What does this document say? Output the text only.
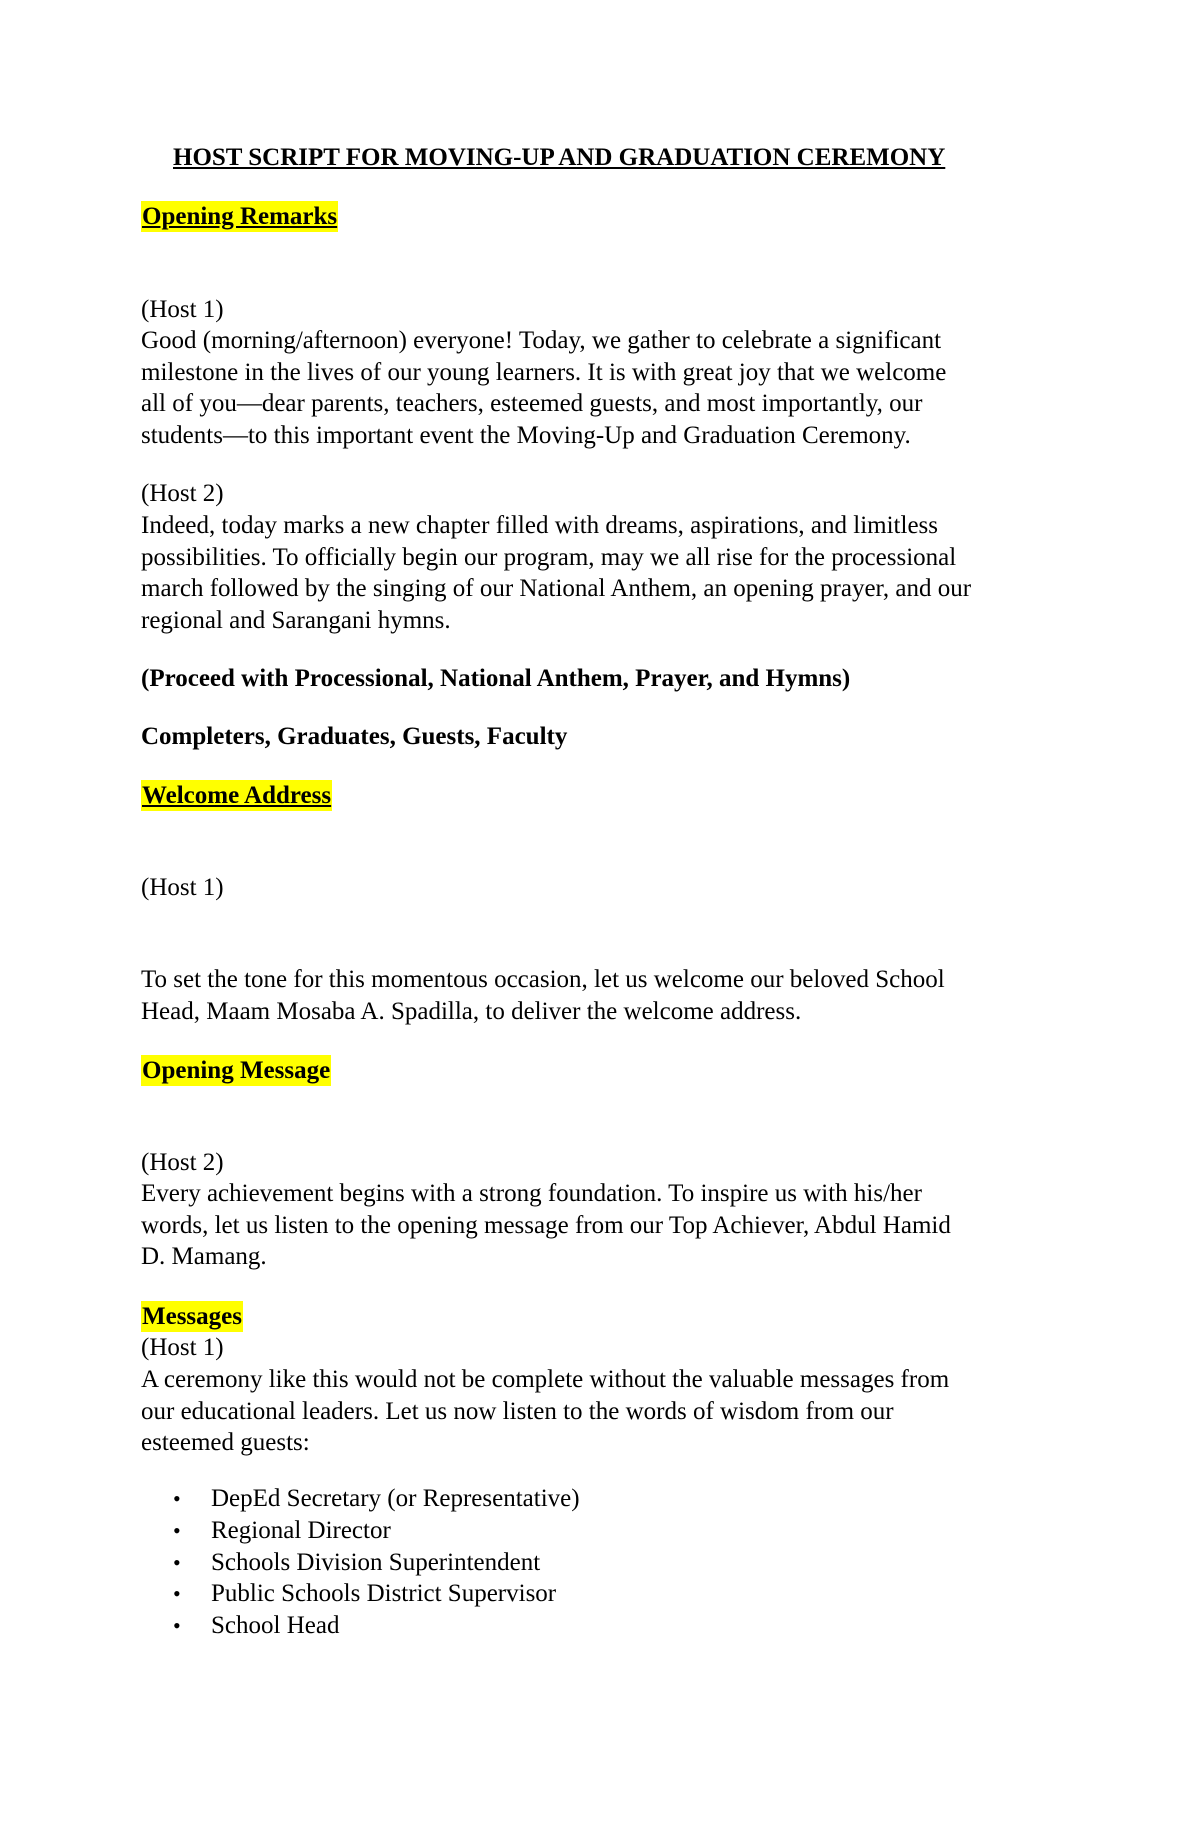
HOST SCRIPT FOR MOVING-UP AND GRADUATION CEREMONY
Opening Remarks
(Host 1)
Good (morning/afternoon) everyone! Today, we gather to celebrate a significant
milestone in the lives of our young learners. It is with great joy that we welcome
all of you—dear parents, teachers, esteemed guests, and most importantly, our
students—to this important event the Moving-Up and Graduation Ceremony.
(Host 2)
Indeed, today marks a new chapter filled with dreams, aspirations, and limitless
possibilities. To officially begin our program, may we all rise for the processional
march followed by the singing of our National Anthem, an opening prayer, and our
regional and Sarangani hymns.
(Proceed with Processional, National Anthem, Prayer, and Hymns)
Completers, Graduates, Guests, Faculty
Welcome Address
(Host 1)
To set the tone for this momentous occasion, let us welcome our beloved School
Head, Maam Mosaba A. Spadilla, to deliver the welcome address.
Opening Message
(Host 2)
Every achievement begins with a strong foundation. To inspire us with his/her
words, let us listen to the opening message from our Top Achiever, Abdul Hamid
D. Mamang.
Messages
(Host 1)
A ceremony like this would not be complete without the valuable messages from
our educational leaders. Let us now listen to the words of wisdom from our
esteemed guests:
• DepEd Secretary (or Representative)
• Regional Director
• Schools Division Superintendent
• Public Schools District Supervisor
• School Head
